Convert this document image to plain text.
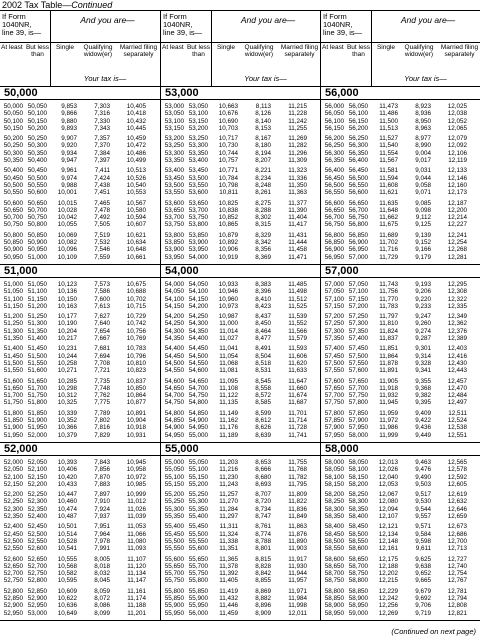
2002 Tax Table—Continued
If Form
1040NR,
line 39, is—
And you are—
At least But less than
Single	Qualifying widow(er)
Married filing separately
Your tax is—
50,000
50,000 50,050	9,853	7,303	10,405
50,050 50,100	9,866	7,316	10,418
50,100 50,150	9,880	7,330	10,432
50,150 50,200	9,893	7,343	10,445
50,200 50,250	9,907	7,357	10,459
50,250 50,300	9,920	7,370	10,472
50,300 50,350	9,934	7,384	10,486
50,350 50,400	9,947	7,397	10,499
50,400 50,450	9,961	7,411	10,513
50,450 50,500	9,974	7,424	10,526
50,500 50,550	9,988	7,438	10,540
50,550 50,600	10,001	7,451	10,553
50,600 50,650	10,015	7,465	10,567
50,650 50,700	10,028	7,478	10,580
50,700 50,750	10,042	7,492	10,594
50,750 50,800	10,055	7,505	10,607
50,800 50,850	10,069	7,519	10,621
50,850 50,900	10,082	7,532	10,634
50,900 50,950	10,096	7,546	10,648
50,950 51,000	10,109	7,559	10,661
51,000
51,000 51,050	10,123	7,573	10,675
51,050 51,100	10,136	7,586	10,688
51,100 51,150	10,150	7,600	10,702
51,150 51,200	10,163	7,613	10,715
51,200 51,250	10,177	7,627	10,729
51,250 51,300	10,190	7,640	10,742
51,300 51,350	10,204	7,654	10,756
51,350 51,400	10,217	7,667	10,769
51,400 51,450	10,231	7,681	10,783
51,450 51,500	10,244	7,694	10,796
51,500 51,550	10,258	7,708	10,810
51,550 51,600	10,271	7,721	10,823
51,600 51,650	10,285	7,735	10,837
51,650 51,700	10,298	7,748	10,850
51,700 51,750	10,312	7,762	10,864
51,750 51,800	10,325	7,775	10,877
51,800 51,850	10,339	7,789	10,891
51,850 51,900	10,352	7,802	10,904
51,900 51,950	10,366	7,816	10,918
51,950 52,000	10,379	7,829	10,931
52,000
52,000 52,050	10,393	7,843	10,945
52,050 52,100	10,406	7,856	10,958
52,100 52,150	10,420	7,870	10,972
52,150 52,200	10,433	7,883	10,985
52,200 52,250	10,447	7,897	10,999
52,250 52,300	10,460	7,910	11,012
52,300 52,350	10,474	7,924	11,026
52,350 52,400	10,487	7,937	11,039
52,400 52,450	10,501	7,951	11,053
52,450 52,500	10,514	7,964	11,066
52,500 52,550	10,528	7,978	11,080
52,550 52,600	10,541	7,991	11,093
52,600 52,650	10,555	8,005	11,107
52,650 52,700	10,568	8,018	11,120
52,700 52,750	10,582	8,032	11,134
52,750 52,800	10,595	8,045	11,147
52,800 52,850	10,609	8,059	11,161
52,850 52,900	10,622	8,072	11,174
52,900 52,950	10,636	8,086	11,188
52,950 53,000	10,649	8,099	11,201
If Form
1040NR,
line 39, is—
And you are—
At least But less than
Single	Qualifying widow(er)
Married filing separately
Your tax is—
53,000
53,000 53,050	10,663	8,113	11,215
53,050 53,100	10,676	8,126	11,228
53,100 53,150	10,690	8,140	11,242
53,150 53,200	10,703	8,153	11,255
53,200 53,250	10,717	8,167	11,269
53,250 53,300	10,730	8,180	11,282
53,300 53,350	10,744	8,194	11,296
53,350 53,400	10,757	8,207	11,309
53,400 53,450	10,771	8,221	11,323
53,450 53,500	10,784	8,234	11,336
53,500 53,550	10,798	8,248	11,350
53,550 53,600	10,811	8,261	11,363
53,600 53,650	10,825	8,275	11,377
53,650 53,700	10,838	8,288	11,390
53,700 53,750	10,852	8,302	11,404
53,750 53,800	10,865	8,315	11,417
53,800 53,850	10,879	8,329	11,431
53,850 53,900	10,892	8,342	11,444
53,900 53,950	10,906	8,356	11,458
53,950 54,000	10,919	8,369	11,471
54,000
54,000 54,050	10,933	8,383	11,485
54,050 54,100	10,946	8,396	11,498
54,100 54,150	10,960	8,410	11,512
54,150 54,200	10,973	8,423	11,525
54,200 54,250	10,987	8,437	11,539
54,250 54,300	11,000	8,450	11,552
54,300 54,350	11,014	8,464	11,566
54,350 54,400	11,027	8,477	11,579
54,400 54,450	11,041	8,491	11,593
54,450 54,500	11,054	8,504	11,606
54,500 54,550	11,068	8,518	11,620
54,550 54,600	11,081	8,531	11,633
54,600 54,650	11,095	8,545	11,647
54,650 54,700	11,108	8,558	11,660
54,700 54,750	11,122	8,572	11,674
54,750 54,800	11,135	8,585	11,687
54,800 54,850	11,149	8,599	11,701
54,850 54,900	11,162	8,612	11,714
54,900 54,950	11,176	8,626	11,728
54,950 55,000	11,189	8,639	11,741
55,000
55,000 55,050	11,203	8,653	11,755
55,050 55,100	11,216	8,666	11,768
55,100 55,150	11,230	8,680	11,782
55,150 55,200	11,243	8,693	11,795
55,200 55,250	11,257	8,707	11,809
55,250 55,300	11,270	8,720	11,822
55,300 55,350	11,284	8,734	11,836
55,350 55,400	11,297	8,747	11,849
55,400 55,450	11,311	8,761	11,863
55,450 55,500	11,324	8,774	11,876
55,500 55,550	11,338	8,788	11,890
55,550 55,600	11,351	8,801	11,903
55,600 55,650	11,365	8,815	11,917
55,650 55,700	11,378	8,828	11,930
55,700 55,750	11,392	8,842	11,944
55,750 55,800	11,405	8,855	11,957
55,800 55,850	11,419	8,869	11,971
55,850 55,900	11,432	8,882	11,984
55,900 55,950	11,446	8,896	11,998
55,950 56,000	11,459	8,909	12,011
If Form
1040NR,
line 39, is—
And you are—
At least But less than
Single	Qualifying widow(er)
Married filing separately
Your tax is—
56,000
56,000 56,050	11,473	8,923	12,025
56,050 56,100	11,486	8,936	12,038
56,100 56,150	11,500	8,950	12,052
56,150 56,200	11,513	8,963	12,065
56,200 56,250	11,527	8,977	12,079
56,250 56,300	11,540	8,990	12,092
56,300 56,350	11,554	9,004	12,106
56,350 56,400	11,567	9,017	12,119
56,400 56,450	11,581	9,031	12,133
56,450 56,500	11,594	9,044	12,146
56,500 56,550	11,608	9,058	12,160
56,550 56,600	11,621	9,071	12,173
56,600 56,650	11,635	9,085	12,187
56,650 56,700	11,648	9,098	12,200
56,700 56,750	11,662	9,112	12,214
56,750 56,800	11,675	9,125	12,227
56,800 56,850	11,689	9,139	12,241
56,850 56,900	11,702	9,152	12,254
56,900 56,950	11,716	9,166	12,268
56,950 57,000	11,729	9,179	12,281
57,000
57,000 57,050	11,743	9,193	12,295
57,050 57,100	11,756	9,206	12,308
57,100 57,150	11,770	9,220	12,322
57,150 57,200	11,783	9,233	12,335
57,200 57,250	11,797	9,247	12,349
57,250 57,300	11,810	9,260	12,362
57,300 57,350	11,824	9,274	12,376
57,350 57,400	11,837	9,287	12,389
57,400 57,450	11,851	9,301	12,403
57,450 57,500	11,864	9,314	12,416
57,500 57,550	11,878	9,328	12,430
57,550 57,600	11,891	9,341	12,443
57,600 57,650	11,905	9,355	12,457
57,650 57,700	11,918	9,368	12,470
57,700 57,750	11,932	9,382	12,484
57,750 57,800	11,945	9,395	12,497
57,800 57,850	11,959	9,409	12,511
57,850 57,900	11,972	9,422	12,524
57,900 57,950	11,986	9,436	12,538
57,950 58,000	11,999	9,449	12,551
58,000
58,000 58,050	12,013	9,463	12,565
58,050 58,100	12,026	9,476	12,578
58,100 58,150	12,040	9,490	12,592
58,150 58,200	12,053	9,503	12,605
58,200 58,250	12,067	9,517	12,619
58,250 58,300	12,080	9,530	12,632
58,300 58,350	12,094	9,544	12,646
58,350 58,400	12,107	9,557	12,659
58,400 58,450	12,121	9,571	12,673
58,450 58,500	12,134	9,584	12,686
58,500 58,550	12,148	9,598	12,700
58,550 58,600	12,161	9,611	12,713
58,600 58,650	12,175	9,625	12,727
58,650 58,700	12,188	9,638	12,740
58,700 58,750	12,202	9,652	12,754
58,750 58,800	12,215	9,665	12,767
58,800 58,850	12,229	9,679	12,781
58,850 58,900	12,242	9,692	12,794
58,900 58,950	12,256	9,706	12,808
58,950 59,000	12,269	9,719	12,821
(Continued on next page)
